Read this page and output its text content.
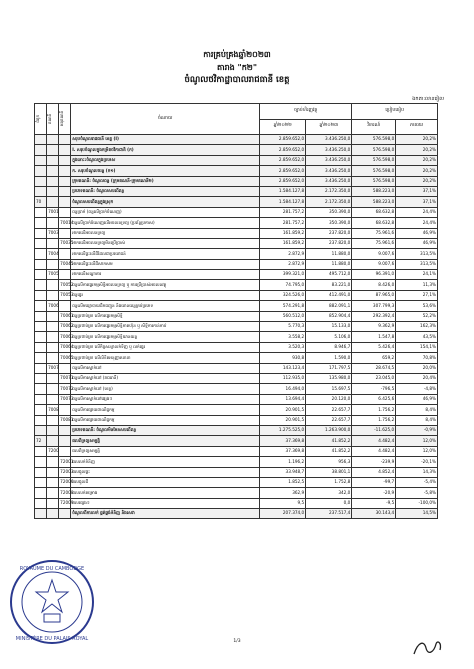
ការគ្រប់គ្រងឆ្នាំ២០២៣
តារាង "ក២"
ចំណូលថវិកាដ្ឋាបាលរាជធានី ខេត្ត
ឯកតា:លានរៀល
ជំពូក	គណនី	អនុគណនី	ចំណាយ	ច្បាប់ហិរញ្ញវត្ថុ		ប្រៀបធៀប	
				ឆ្នាំ២០២២	ឆ្នាំ២០២៣	វិចារណ៍	ភាគរយ
			សរុបចំណូលរាជធានី ខេត្ត (I)	2.859.652,0	3.436.250,0	576.598,0	20,2%
			I. សរុបចំណូលក្នុងកម្រិតថវិកាជាតិ (ក)	2.859.652,0	3.436.250,0	576.598,0	20,2%
			ក្នុងនោះ:ចំណូលក្នុងប្រទេស	2.859.652,0	3.436.250,0	576.598,0	20,2%
			ក. សរុបចំណូលចរន្ត (ក១)	2.859.652,0	3.436.250,0	576.598,0	20,2%
			ក្រុមគណនី: ចំណូលពន្ធ (ក្រុមគណនី-ក្រុមគណនី២)	2.859.652,0	3.436.250,0	576.598,0	20,2%
			ប្រភេទគណនី: ចំណូលសារពើពន្ធ	1.584.127,8	2.172.350,0	588.223,0	37,1%
70			ចំណូលសារពើពន្ធក្នុងស្រុក	1.584.127,8	2.172.350,0	588.223,0	37,1%
	7001		ពន្ធប្រាក់ (ពន្ធលើប្រាក់ចំណេញ)	281.757,2	350.390,0	68.632,8	24,4%
		70014	ពន្ធលើប្រាក់ចំណេញលើអចលនទ្រព្យ (ប្រព័ន្ធប្រកាស)	281.757,2	350.390,0	68.632,8	24,4%
	7003		អាករលើអចលនទ្រព្យ	161.859,2	237.820,0	75.961,6	46,9%
		70035	អាករលើអចលនទ្រព្យមិនប្រើប្រាស់	161.859,2	237.820,0	75.961,6	46,9%
	7004		អាករលើផ្ទះលើដីដែលជាប្រយោជន៍	2.872,9	11.880,0	9.007,6	313,5%
		70045	អាករលើផ្ទះលើដីសាកសម	2.872,9	11.880,0	9.007,6	313,5%
	7005		អាករលើសណ្ឋាគារ	399.321,0	495.712,0	96.391,0	24,1%
		70052	ពន្ធលើការផ្ទេរកម្មសិទ្ធិអចលនទ្រព្យ ឬ ការប្រើប្រាស់អចលនវត្ថុ	74.795,0	83.221,0	8.426,0	11,3%
		70053	ពន្ធផ្ទេរ	324.526,0	412.491,0	87.965,0	27,1%
	7006		ពន្ធលើមធ្យោបាយដឹកជញ្ជូន និងយានយន្តគ្រប់ប្រភេទ	574.291,8	882.091,1	307.799,3	53,6%
		70061	ពន្ធប្រថាប់ត្រា លើការផ្ទេរកម្មសិទ្ធិ	560.512,0	852.904,4	292.392,4	52,2%
		70062	ពន្ធប្រថាប់ត្រា លើការផ្ទេរកម្មសិទ្ធិភាគហ៊ុន ឬ សិទ្ធិការកាន់កាប់	5.770,3	15.133,0	9.362,9	162,3%
		70063	ពន្ធប្រថាប់ត្រា លើការផ្ទេរកម្មសិទ្ធិយានយន្ត	3.558,2	5.106,0	1.547,8	43,5%
		70064	ពន្ធប្រថាប់ត្រា លើកិច្ចសន្យាលក់ទិញ ឬ លក់ផ្ទេរ	3.520,3	8.946,7	5.426,4	154,1%
		70065	ពន្ធប្រថាប់ត្រា លើលិខិតអនុញ្ញាតនានា	930,8	1.590,0	659,2	70,8%
	7007		ពន្ធលើការស្នាក់នៅ	143.123,4	171.797,5	28.674,5	20,0%
		70071	ពន្ធលើការស្នាក់នៅ (រាជធានី)	112.935,0	135.980,0	23.045,0	20,4%
		70072	ពន្ធលើការស្នាក់នៅ (ខេត្ត)	16.494,0	15.697,5	-796,5	-4,8%
		70073	ពន្ធលើការស្នាក់នៅផ្សេងៗ	13.694,4	20.120,0	6.425,6	46,9%
	7008		ពន្ធលើការផ្សាយពាណិជ្ជកម្ម	20.901,5	22.657,7	1.756,2	8,4%
		70081	ពន្ធលើការផ្សាយពាណិជ្ជកម្ម	20.901,5	22.657,7	1.756,2	8,4%
			ប្រភេទគណនី: ចំណូលមិនមែនសារពើពន្ធ	1.275.525,0	1.263.900,0	-11.625,0	-0,9%
72			ផលពីទ្រព្យសម្បត្តិ	37.369,8	41.852,2	4.482,4	12,0%
	7200		ផលពីទ្រព្យសម្បត្តិ	37.369,8	41.852,2	4.482,4	12,0%
		72001	ផលលក់ទំនិញ	1.196,2	956,3	-239,9	-20,1%
		72003	ផលជួលផ្ទះ	33.948,7	38.801,1	4.852,4	14,3%
		72006	ផលជួលដី	1.852,5	1.752,8	-99,7	-5,4%
		72008	ផលលក់គម្រោង	362,9	342,0	-20,9	-5,8%
		72009	ផលផ្សេងៗ	9,5	0,0	-9,5	-100,0%
			ចំណូលពីការលក់ ផ្គត់ផ្គង់ទំនិញ និងសេវា	207.374,0	237.517,4	30.143,4	14,5%
1/3
ROYAUME DU CAMBODGE
MINISTÈRE DU PALAIS ROYAL
